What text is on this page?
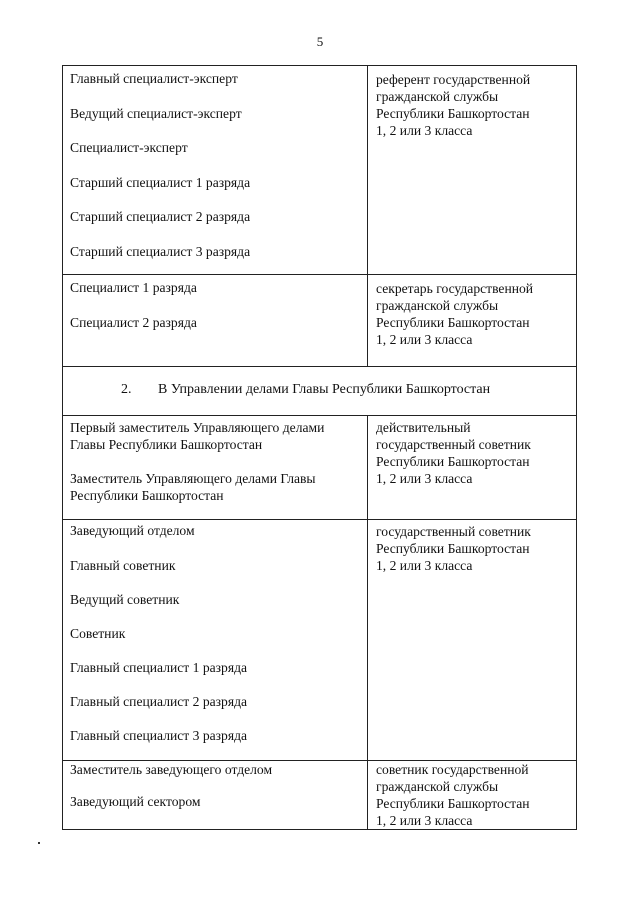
5
Главный специалист-эксперт
Ведущий специалист-эксперт
Специалист-эксперт
Старший специалист 1 разряда
Старший специалист 2 разряда
Старший специалист 3 разряда
референт государственной
гражданской службы
Республики Башкортостан
1, 2 или 3 класса
Специалист 1 разряда
Специалист 2 разряда
секретарь государственной
гражданской службы
Республики Башкортостан
1, 2 или 3 класса
2. В Управлении делами Главы Республики Башкортостан
Первый заместитель Управляющего делами
Главы Республики Башкортостан
Заместитель Управляющего делами Главы
Республики Башкортостан
действительный
государственный советник
Республики Башкортостан
1, 2 или 3 класса
Заведующий отделом
Главный советник
Ведущий советник
Советник
Главный специалист 1 разряда
Главный специалист 2 разряда
Главный специалист 3 разряда
государственный советник
Республики Башкортостан
1, 2 или 3 класса
Заместитель заведующего отделом
Заведующий сектором
советник государственной
гражданской службы
Республики Башкортостан
1, 2 или 3 класса
